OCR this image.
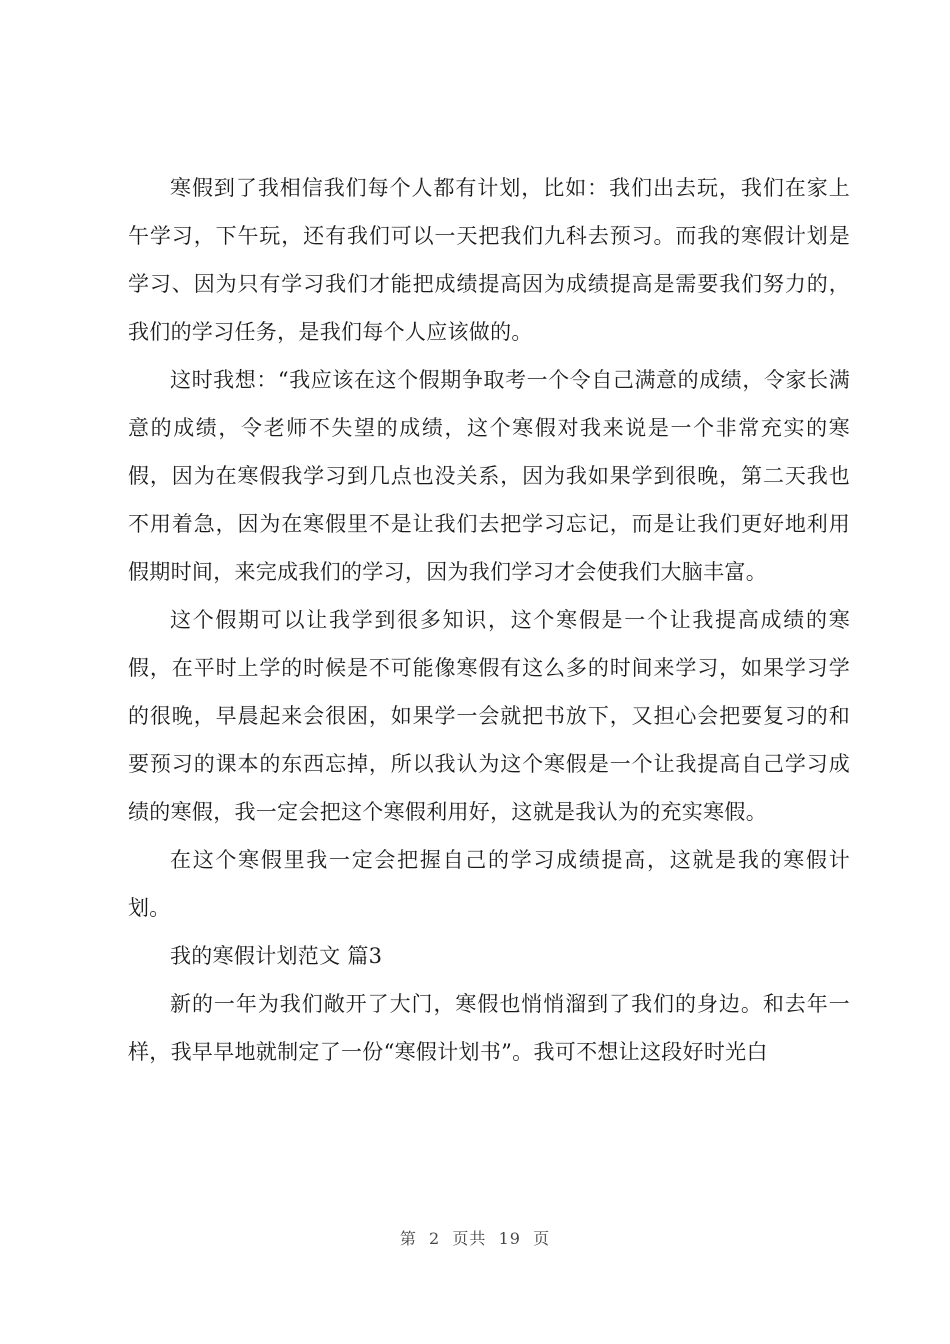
寒假到了我相信我们每个人都有计划，比如：我们出去玩，我们在家上午学习，下午玩，还有我们可以一天把我们九科去预习。而我的寒假计划是学习、因为只有学习我们才能把成绩提高因为成绩提高是需要我们努力的，我们的学习任务，是我们每个人应该做的。

这时我想：“我应该在这个假期争取考一个令自己满意的成绩，令家长满意的成绩，令老师不失望的成绩，这个寒假对我来说是一个非常充实的寒假，因为在寒假我学习到几点也没关系，因为我如果学到很晚，第二天我也不用着急，因为在寒假里不是让我们去把学习忘记，而是让我们更好地利用假期时间，来完成我们的学习，因为我们学习才会使我们大脑丰富。

这个假期可以让我学到很多知识，这个寒假是一个让我提高成绩的寒假，在平时上学的时候是不可能像寒假有这么多的时间来学习，如果学习学的很晚，早晨起来会很困，如果学一会就把书放下，又担心会把要复习的和要预习的课本的东西忘掉，所以我认为这个寒假是一个让我提高自己学习成绩的寒假，我一定会把这个寒假利用好，这就是我认为的充实寒假。

在这个寒假里我一定会把握自己的学习成绩提高，这就是我的寒假计划。

我的寒假计划范文 篇3

新的一年为我们敞开了大门，寒假也悄悄溜到了我们的身边。和去年一样，我早早地就制定了一份“寒假计划书”。我可不想让这段好时光白

第  2  页共  19  页
